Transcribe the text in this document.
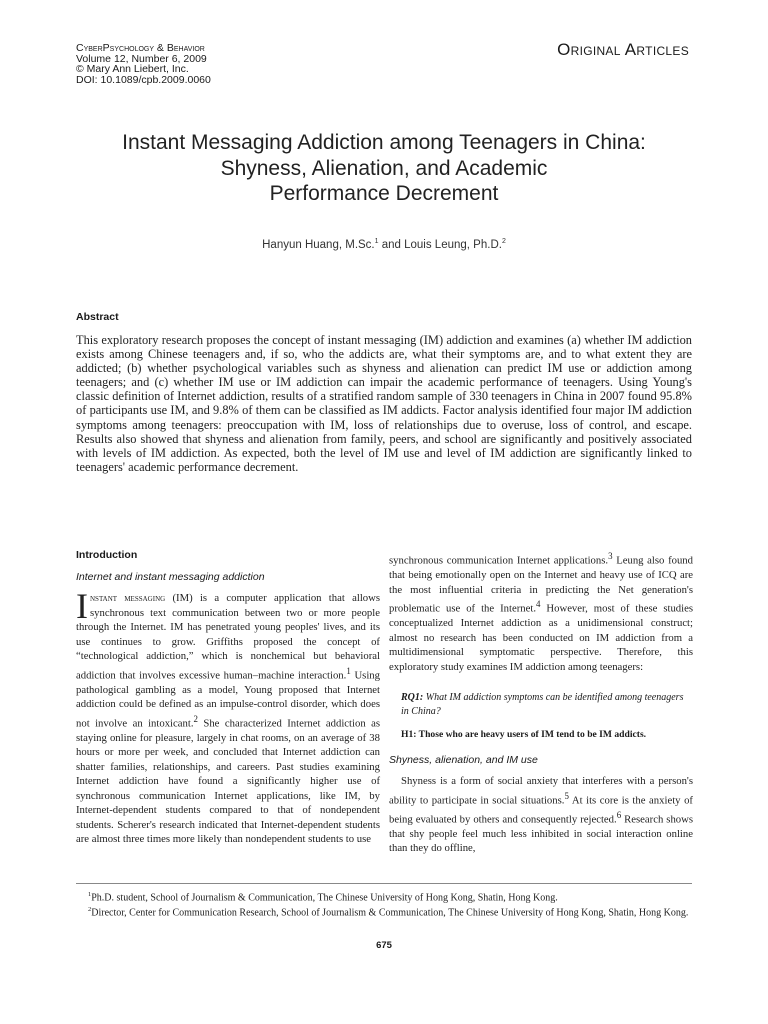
CyberPsychology & Behavior
Volume 12, Number 6, 2009
© Mary Ann Liebert, Inc.
DOI: 10.1089/cpb.2009.0060
Original Articles
Instant Messaging Addiction among Teenagers in China:
Shyness, Alienation, and Academic
Performance Decrement
Hanyun Huang, M.Sc.$^1$ and Louis Leung, Ph.D.$^2$
Abstract

This exploratory research proposes the concept of instant messaging (IM) addiction and examines (a) whether IM addiction exists among Chinese teenagers and, if so, who the addicts are, what their symptoms are, and to what extent they are addicted; (b) whether psychological variables such as shyness and alienation can predict IM use or addiction among teenagers; and (c) whether IM use or IM addiction can impair the academic performance of teenagers. Using Young's classic definition of Internet addiction, results of a stratified random sample of 330 teenagers in China in 2007 found 95.8% of participants use IM, and 9.8% of them can be classified as IM addicts. Factor analysis identified four major IM addiction symptoms among teenagers: preoccupation with IM, loss of relationships due to overuse, loss of control, and escape. Results also showed that shyness and alienation from family, peers, and school are significantly and positively associated with levels of IM addiction. As expected, both the level of IM use and level of IM addiction are significantly linked to teenagers' academic performance decrement.

Introduction
Internet and instant messaging addiction

Instant messaging (IM) is a computer application that allows synchronous text communication between two or more people through the Internet. IM has penetrated young peoples' lives, and its use continues to grow. Griffiths proposed the concept of “technological addiction,” which is nonchemical but behavioral addiction that involves excessive human–machine interaction.$^1$ Using pathological gambling as a model, Young proposed that Internet addiction could be defined as an impulse-control disorder, which does not involve an intoxicant.$^2$ She characterized Internet addiction as staying online for pleasure, largely in chat rooms, on an average of 38 hours or more per week, and concluded that Internet addiction can shatter families, relationships, and careers. Past studies examining Internet addiction have found a significantly higher use of synchronous communication Internet applications, like IM, by Internet-dependent students compared to that of nondependent students. Scherer's research indicated that Internet-dependent students are almost three times more likely than nondependent students to use

synchronous communication Internet applications.$^3$ Leung also found that being emotionally open on the Internet and heavy use of ICQ are the most influential criteria in predicting the Net generation's problematic use of the Internet.$^4$ However, most of these studies conceptualized Internet addiction as a unidimensional construct; almost no research has been conducted on IM addiction from a multidimensional symptomatic perspective. Therefore, this exploratory study examines IM addiction among teenagers:

RQ1: What IM addiction symptoms can be identified among teenagers in China?
H1: Those who are heavy users of IM tend to be IM addicts.
Shyness, alienation, and IM use

Shyness is a form of social anxiety that interferes with a person's ability to participate in social situations.$^5$ At its core is the anxiety of being evaluated by others and consequently rejected.$^6$ Research shows that shy people feel much less inhibited in social interaction online than they do offline,

$^1$Ph.D. student, School of Journalism & Communication, The Chinese University of Hong Kong, Shatin, Hong Kong.

$^2$Director, Center for Communication Research, School of Journalism & Communication, The Chinese University of Hong Kong, Shatin, Hong Kong.

675
